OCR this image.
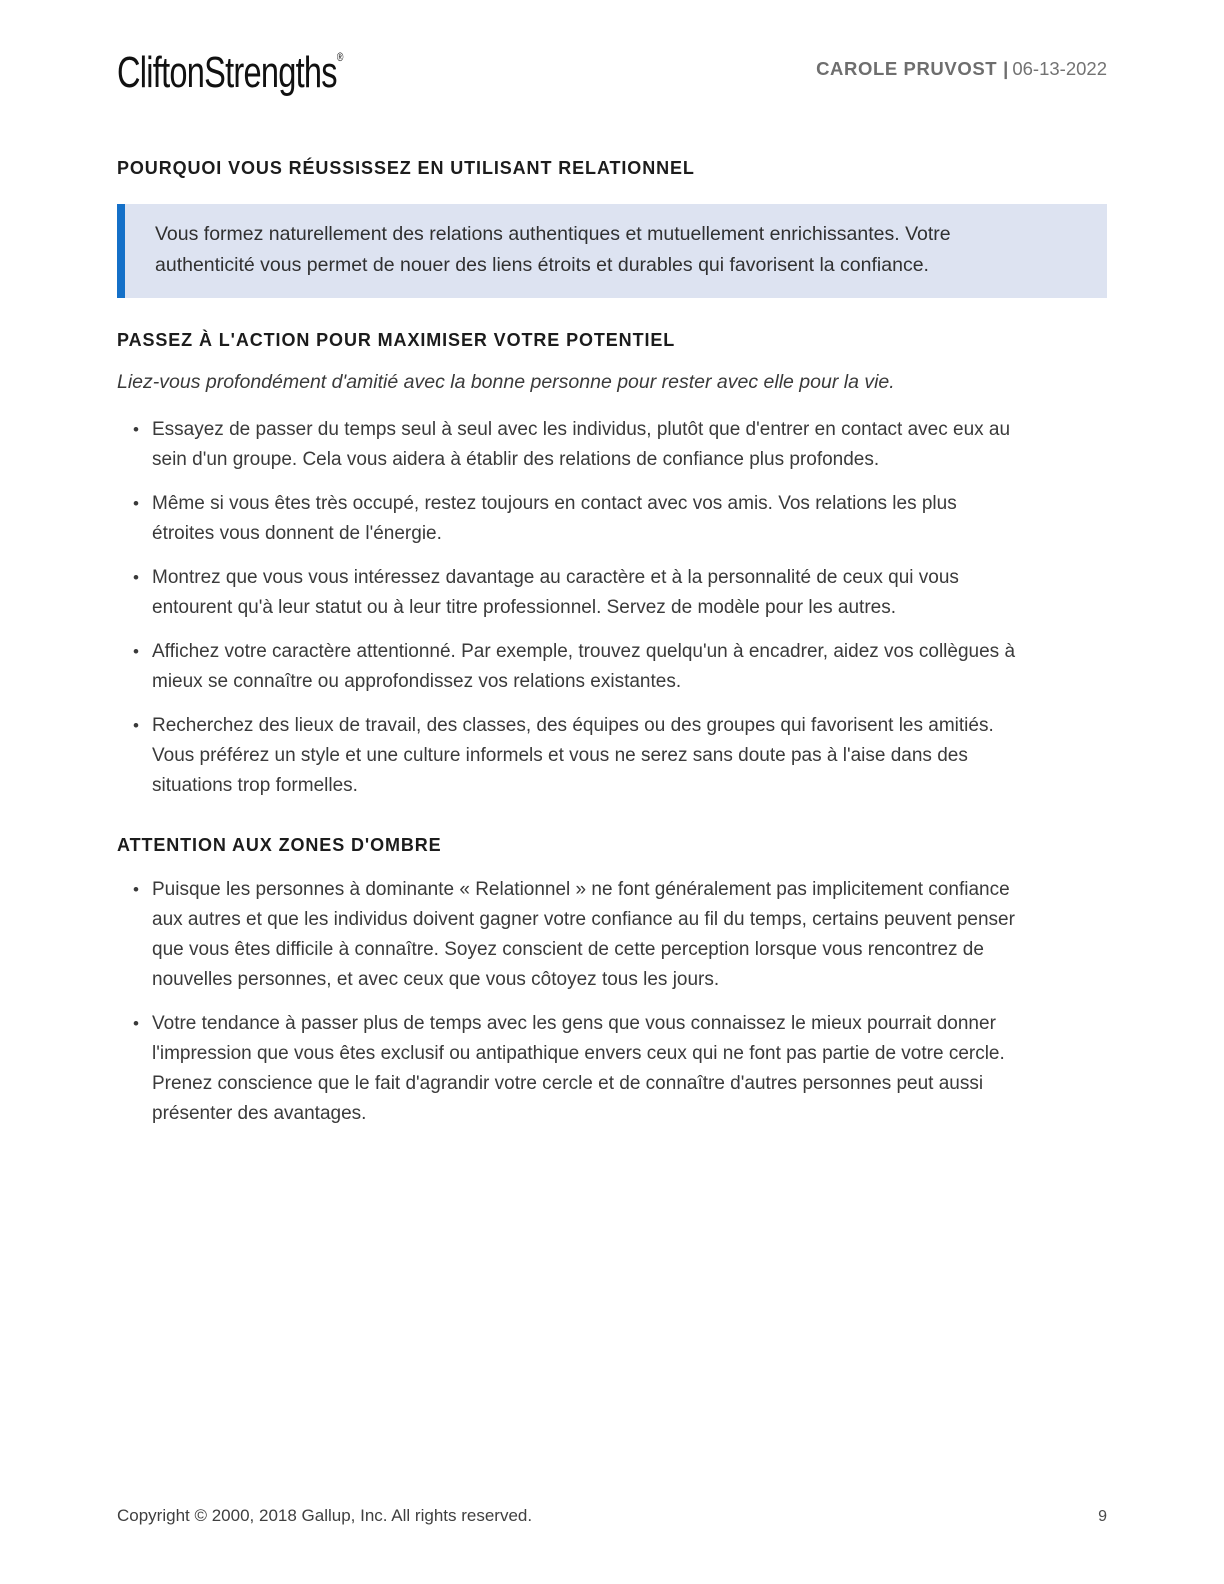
CliftonStrengths®
CAROLE PRUVOST | 06-13-2022
POURQUOI VOUS RÉUSSISSEZ EN UTILISANT RELATIONNEL

Vous formez naturellement des relations authentiques et mutuellement enrichissantes. Votre authenticité vous permet de nouer des liens étroits et durables qui favorisent la confiance.

PASSEZ À L'ACTION POUR MAXIMISER VOTRE POTENTIEL

Liez-vous profondément d'amitié avec la bonne personne pour rester avec elle pour la vie.

• Essayez de passer du temps seul à seul avec les individus, plutôt que d'entrer en contact avec eux au sein d'un groupe. Cela vous aidera à établir des relations de confiance plus profondes.
• Même si vous êtes très occupé, restez toujours en contact avec vos amis. Vos relations les plus étroites vous donnent de l'énergie.
• Montrez que vous vous intéressez davantage au caractère et à la personnalité de ceux qui vous entourent qu'à leur statut ou à leur titre professionnel. Servez de modèle pour les autres.
• Affichez votre caractère attentionné. Par exemple, trouvez quelqu'un à encadrer, aidez vos collègues à mieux se connaître ou approfondissez vos relations existantes.
• Recherchez des lieux de travail, des classes, des équipes ou des groupes qui favorisent les amitiés. Vous préférez un style et une culture informels et vous ne serez sans doute pas à l'aise dans des situations trop formelles.
ATTENTION AUX ZONES D'OMBRE
• Puisque les personnes à dominante « Relationnel » ne font généralement pas implicitement confiance aux autres et que les individus doivent gagner votre confiance au fil du temps, certains peuvent penser que vous êtes difficile à connaître. Soyez conscient de cette perception lorsque vous rencontrez de nouvelles personnes, et avec ceux que vous côtoyez tous les jours.
• Votre tendance à passer plus de temps avec les gens que vous connaissez le mieux pourrait donner l'impression que vous êtes exclusif ou antipathique envers ceux qui ne font pas partie de votre cercle. Prenez conscience que le fait d'agrandir votre cercle et de connaître d'autres personnes peut aussi présenter des avantages.
Copyright © 2000, 2018 Gallup, Inc. All rights reserved.	9
